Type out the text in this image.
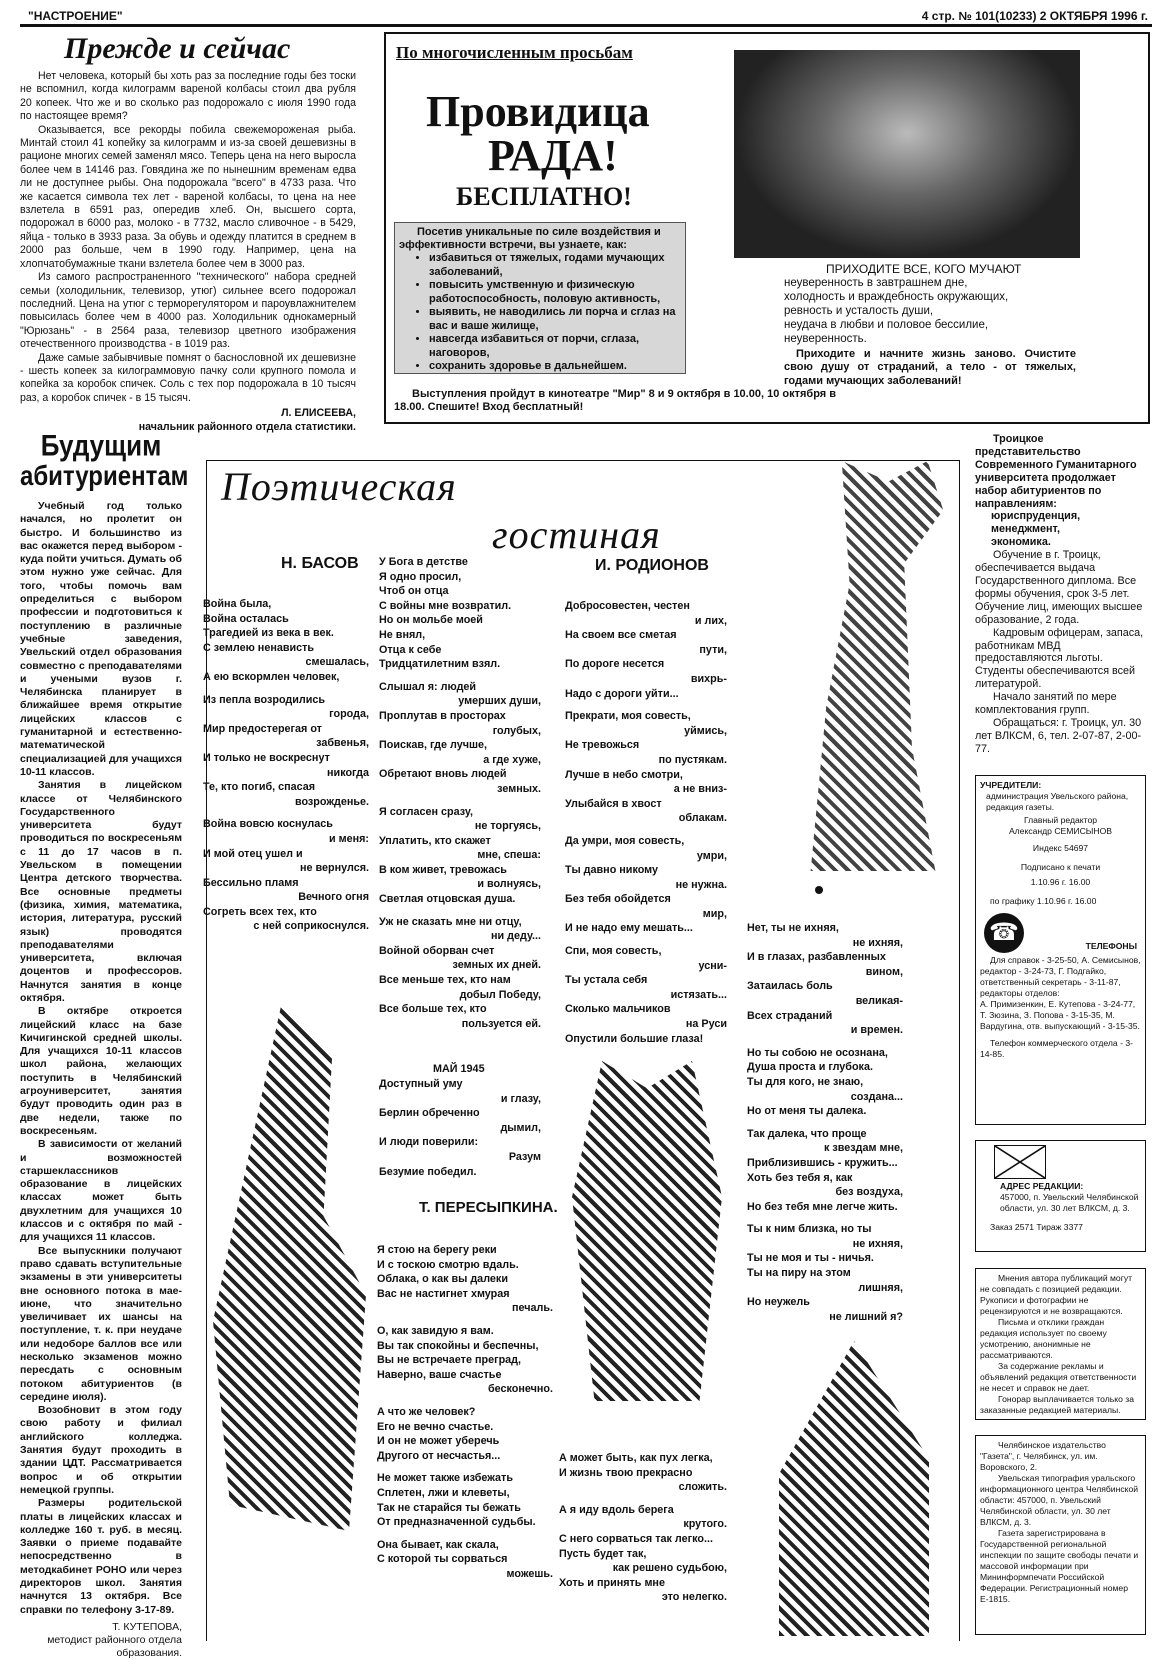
"НАСТРОЕНИЕ"	4 стр. № 101(10233) 2 ОКТЯБРЯ 1996 г.
Прежде и сейчас

Нет человека, который бы хоть раз за последние годы без тоски не вспомнил, когда килограмм вареной колбасы стоил два рубля 20 копеек. Что же и во сколько раз подорожало с июля 1990 года по настоящее время?

Оказывается, все рекорды побила свежемороженая рыба. Минтай стоил 41 копейку за килограмм и из-за своей дешевизны в рационе многих семей заменял мясо. Теперь цена на него выросла более чем в 14146 раз. Говядина же по нынешним временам едва ли не доступнее рыбы. Она подорожала "всего" в 4733 раза. Что же касается символа тех лет - вареной колбасы, то цена на нее взлетела в 6591 раз, опередив хлеб. Он, высшего сорта, подорожал в 6000 раз, молоко - в 7732, масло сливочное - в 5429, яйца - только в 3933 раза. За обувь и одежду платится в среднем в 2000 раз больше, чем в 1990 году. Например, цена на хлопчатобумажные ткани взлетела более чем в 3000 раз.

Из самого распространенного "технического" набора средней семьи (холодильник, телевизор, утюг) сильнее всего подорожал последний. Цена на утюг с терморегулятором и пароувлажнителем повысилась более чем в 4000 раз. Холодильник однокамерный "Юрюзань" - в 2564 раза, телевизор цветного изображения отечественного производства - в 1019 раз.

Даже самые забывчивые помнят о баснословной их дешевизне - шесть копеек за килограммовую пачку соли крупного помола и копейка за коробок спичек. Соль с тех пор подорожала в 10 тысяч раз, а коробок спичек - в 15 тысяч.

Л. ЕЛИСЕЕВА,
начальник районного отдела статистики.
По многочисленным просьбам
Провидица
РАДА!
БЕСПЛАТНО!
Посетив уникальные по силе воздействия и эффективности встречи, вы узнаете, как:
• избавиться от тяжелых, годами мучающих заболеваний,
• повысить умственную и физическую работоспособность, половую активность,
• выявить, не наводились ли порча и сглаз на вас и ваше жилище,
• навсегда избавиться от порчи, сглаза, наговоров,
• сохранить здоровье в дальнейшем.
ПРИХОДИТЕ ВСЕ, КОГО МУЧАЮТ
неуверенность в завтрашнем дне,
холодность и враждебность окружающих,
ревность и усталость души,
неудача в любви и половое бессилие,
неуверенность.
Приходите и начните жизнь заново. Очистите свою душу от страданий, а тело - от тяжелых, годами мучающих заболеваний!
Выступления пройдут в кинотеатре "Мир" 8 и 9 октября в 10.00, 10 октября в 18.00. Спешите! Вход бесплатный!
Будущим
абитуриентам

Учебный год только начался, но пролетит он быстро. И большинство из вас окажется перед выбором - куда пойти учиться. Думать об этом нужно уже сейчас. Для того, чтобы помочь вам определиться с выбором профессии и подготовиться к поступлению в различные учебные заведения, Увельский отдел образования совместно с преподавателями и учеными вузов г. Челябинска планирует в ближайшее время открытие лицейских классов с гуманитарной и естественно-математической специализацией для учащихся 10-11 классов.

Занятия в лицейском классе от Челябинского Государственного университета будут проводиться по воскресеньям с 11 до 17 часов в п. Увельском в помещении Центра детского творчества. Все основные предметы (физика, химия, математика, история, литература, русский язык) проводятся преподавателями университета, включая доцентов и профессоров. Начнутся занятия в конце октября.

В октябре откроется лицейский класс на базе Кичигинской средней школы. Для учащихся 10-11 классов школ района, желающих поступить в Челябинский агроуниверситет, занятия будут проводить один раз в две недели, также по воскресеньям.

В зависимости от желаний и возможностей старшеклассников образование в лицейских классах может быть двухлетним для учащихся 10 классов и с октября по май - для учащихся 11 классов.

Все выпускники получают право сдавать вступительные экзамены в эти университеты вне основного потока в мае-июне, что значительно увеличивает их шансы на поступление, т. к. при неудаче или недоборе баллов все или несколько экзаменов можно пересдать с основным потоком абитуриентов (в середине июля).

Возобновит в этом году свою работу и филиал английского колледжа. Занятия будут проходить в здании ЦДТ. Рассматривается вопрос и об открытии немецкой группы.

Размеры родительской платы в лицейских классах и колледже 160 т. руб. в месяц. Заявки о приеме подавайте непосредственно в методкабинет РОНО или через директоров школ. Занятия начнутся 13 октября. Все справки по телефону 3-17-89.

Т. КУТЕПОВА,
методист районного отдела образования.
Поэтическая
гостиная
Н. БАСОВ
Война была,
Война осталась
Трагедией из века в век.
С землею ненависть
смешалась,
А ею вскормлен человек,

Из пепла возродились
города,
Мир предостерегая от
забвенья,
И только не воскреснут
никогда
Те, кто погиб, спасая
возрожденье.

Война вовсю коснулась
и меня:
И мой отец ушел и
не вернулся.
Бессильно пламя
Вечного огня
Согреть всех тех, кто
с ней соприкоснулся.
У Бога в детстве
Я одно просил,
Чтоб он отца
С войны мне возвратил.
Но он мольбе моей
Не внял,
Отца к себе
Тридцатилетним взял.

Слышал я: людей
умерших души,
Проплутав в просторах
голубых,
Поискав, где лучше,
а где хуже,
Обретают вновь людей
земных.

Я согласен сразу,
не торгуясь,
Уплатить, кто скажет
мне, спеша:
В ком живет, тревожась
и волнуясь,
Светлая отцовская душа.

Уж не сказать мне ни отцу,
ни деду...
Войной оборван счет
земных их дней.
Все меньше тех, кто нам
добыл Победу,
Все больше тех, кто
пользуется ей.
МАЙ 1945
Доступный уму
и глазу,
Берлин обреченно
дымил,
И люди поверили:
Разум
Безумие победил.
И. РОДИОНОВ
Добросовестен, честен
и лих,
На своем все сметая
пути,
По дороге несется
вихрь-
Надо с дороги уйти...

Прекрати, моя совесть,
уймись,
Не тревожься
по пустякам.
Лучше в небо смотри,
а не вниз-
Улыбайся в хвост
облакам.

Да умри, моя совесть,
умри,
Ты давно никому
не нужна.
Без тебя обойдется
мир,
И не надо ему мешать...

Спи, моя совесть,
усни-
Ты устала себя
истязать...
Сколько мальчиков
на Руси
Опустили большие глаза!
Нет, ты не ихняя,
не ихняя,
И в глазах, разбавленных
вином,
Затаилась боль
великая-
Всех страданий
и времен.

Но ты собою не осознана,
Душа проста и глубока.
Ты для кого, не знаю,
создана...
Но от меня ты далека.

Так далека, что проще
к звездам мне,
Приблизившись - кружить...
Хоть без тебя я, как
без воздуха,
Но без тебя мне легче жить.

Ты к ним близка, но ты
не ихняя,
Ты не моя и ты - ничья.
Ты на пиру на этом
лишняя,
Но неужель
не лишний я?
Т. ПЕРЕСЫПКИНА.
Я стою на берегу реки
И с тоскою смотрю вдаль.
Облака, о как вы далеки
Вас не настигнет хмурая
печаль.

О, как завидую я вам.
Вы так спокойны и беспечны,
Вы не встречаете преград,
Наверно, ваше счастье
бесконечно.

А что же человек?
Его не вечно счастье.
И он не может уберечь
Другого от несчастья...

Не может также избежать
Сплетен, лжи и клеветы,
Так не старайся ты бежать
От предназначенной судьбы.

Она бывает, как скала,
С которой ты сорваться
можешь.
А может быть, как пух легка,
И жизнь твою прекрасно
сложить.

А я иду вдоль берега
крутого.
С него сорваться так легко...
Пусть будет так,
как решено судьбою,
Хоть и принять мне
это нелегко.

Троицкое представительство Современного Гуманитарного университета продолжает набор абитуриентов по направлениям:

юриспруденция,
менеджмент,
экономика.

Обучение в г. Троицк, обеспечивается выдача Государственного диплома. Все формы обучения, срок 3-5 лет. Обучение лиц, имеющих высшее образование, 2 года.

Кадровым офицерам, запаса, работникам МВД предоставляются льготы. Студенты обеспечиваются всей литературой.

Начало занятий по мере комплектования групп.

Обращаться: г. Троицк, ул. 30 лет ВЛКСМ, 6, тел. 2-07-87, 2-00-77.

УЧРЕДИТЕЛИ:
администрация Увельского района, редакция газеты.
Главный редактор
Александр СЕМИСЫНОВ
Индекс 54697
Подписано к печати
1.10.96 г. 16.00
по графику 1.10.96 г. 16.00
☎	ТЕЛЕФОНЫ
Для справок - 3-25-50, А. Семисынов, редактор - 3-24-73, Г. Подгайко, ответственный секретарь - 3-11-87, редакторы отделов:
А. Примизенкин, Е. Кутепова - 3-24-77, Т. Зюзина, З. Попова - 3-15-35, М. Вардугина, отв. выпускающий - 3-15-35.
Телефон коммерческого отдела - 3-14-85.
АДРЕС РЕДАКЦИИ:
457000, п. Увельский Челябинской области, ул. 30 лет ВЛКСМ, д. 3.
Заказ 2571 Тираж 3377

Мнения автора публикаций могут не совпадать с позицией редакции. Рукописи и фотографии не рецензируются и не возвращаются.

Письма и отклики граждан редакция использует по своему усмотрению, анонимные не рассматриваются.

За содержание рекламы и объявлений редакция ответственности не несет и справок не дает.

Гонорар выплачивается только за заказанные редакцией материалы.

Челябинское издательство "Газета", г. Челябинск, ул. им. Воровского, 2.

Увельская типография уральского информационного центра Челябинской области: 457000, п. Увельский Челябинской области, ул. 30 лет ВЛКСМ, д. 3.

Газета зарегистрирована в Государственной региональной инспекции по защите свободы печати и массовой информации при Мининформпечати Российской Федерации. Регистрационный номер Е-1815.
